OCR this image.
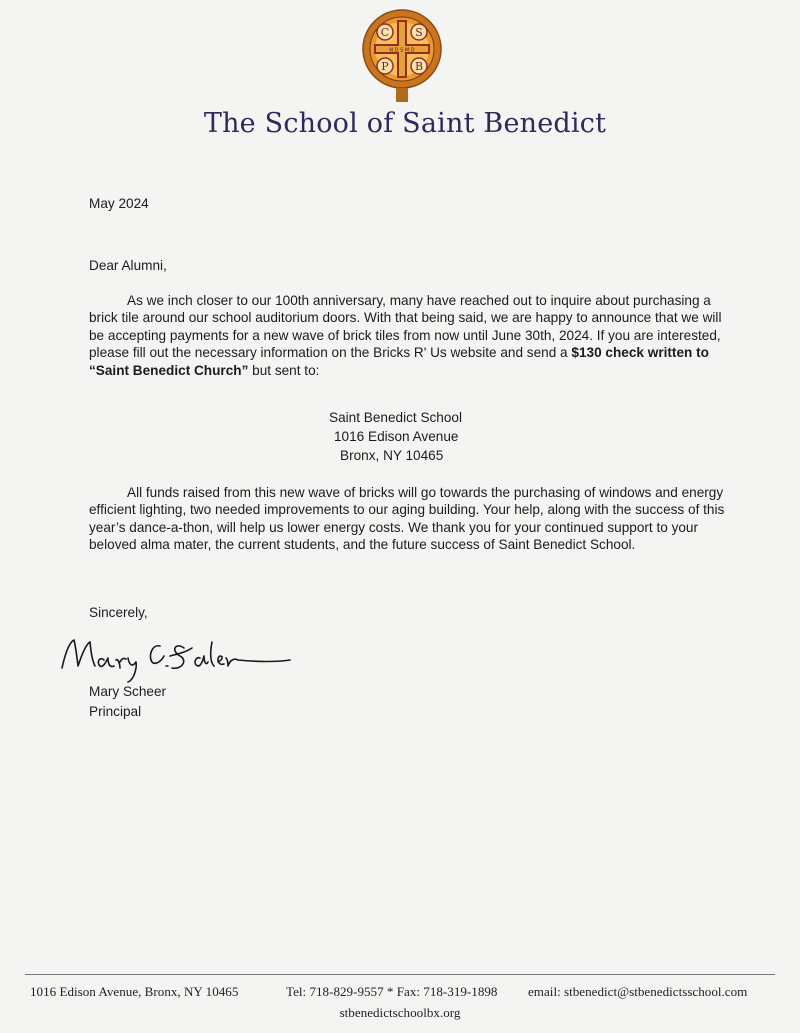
C S
P B
N D S M D
The School of Saint Benedict
May 2024
Dear Alumni,
As we inch closer to our 100th anniversary, many have reached out to inquire about purchasing a brick tile around our school auditorium doors. With that being said, we are happy to announce that we will be accepting payments for a new wave of brick tiles from now until June 30th, 2024. If you are interested, please fill out the necessary information on the Bricks R' Us website and send a $130 check written to “Saint Benedict Church” but sent to:
Saint Benedict School
1016 Edison Avenue
Bronx, NY 10465
All funds raised from this new wave of bricks will go towards the purchasing of windows and energy efficient lighting, two needed improvements to our aging building. Your help, along with the success of this year’s dance-a-thon, will help us lower energy costs. We thank you for your continued support to your beloved alma mater, the current students, and the future success of Saint Benedict School.
Sincerely,
Mary Scheer
Principal
1016 Edison Avenue, Bronx, NY 10465	Tel: 718-829-9557 * Fax: 718-319-1898 email: stbenedict@stbenedictsschool.com
stbenedictschoolbx.org
